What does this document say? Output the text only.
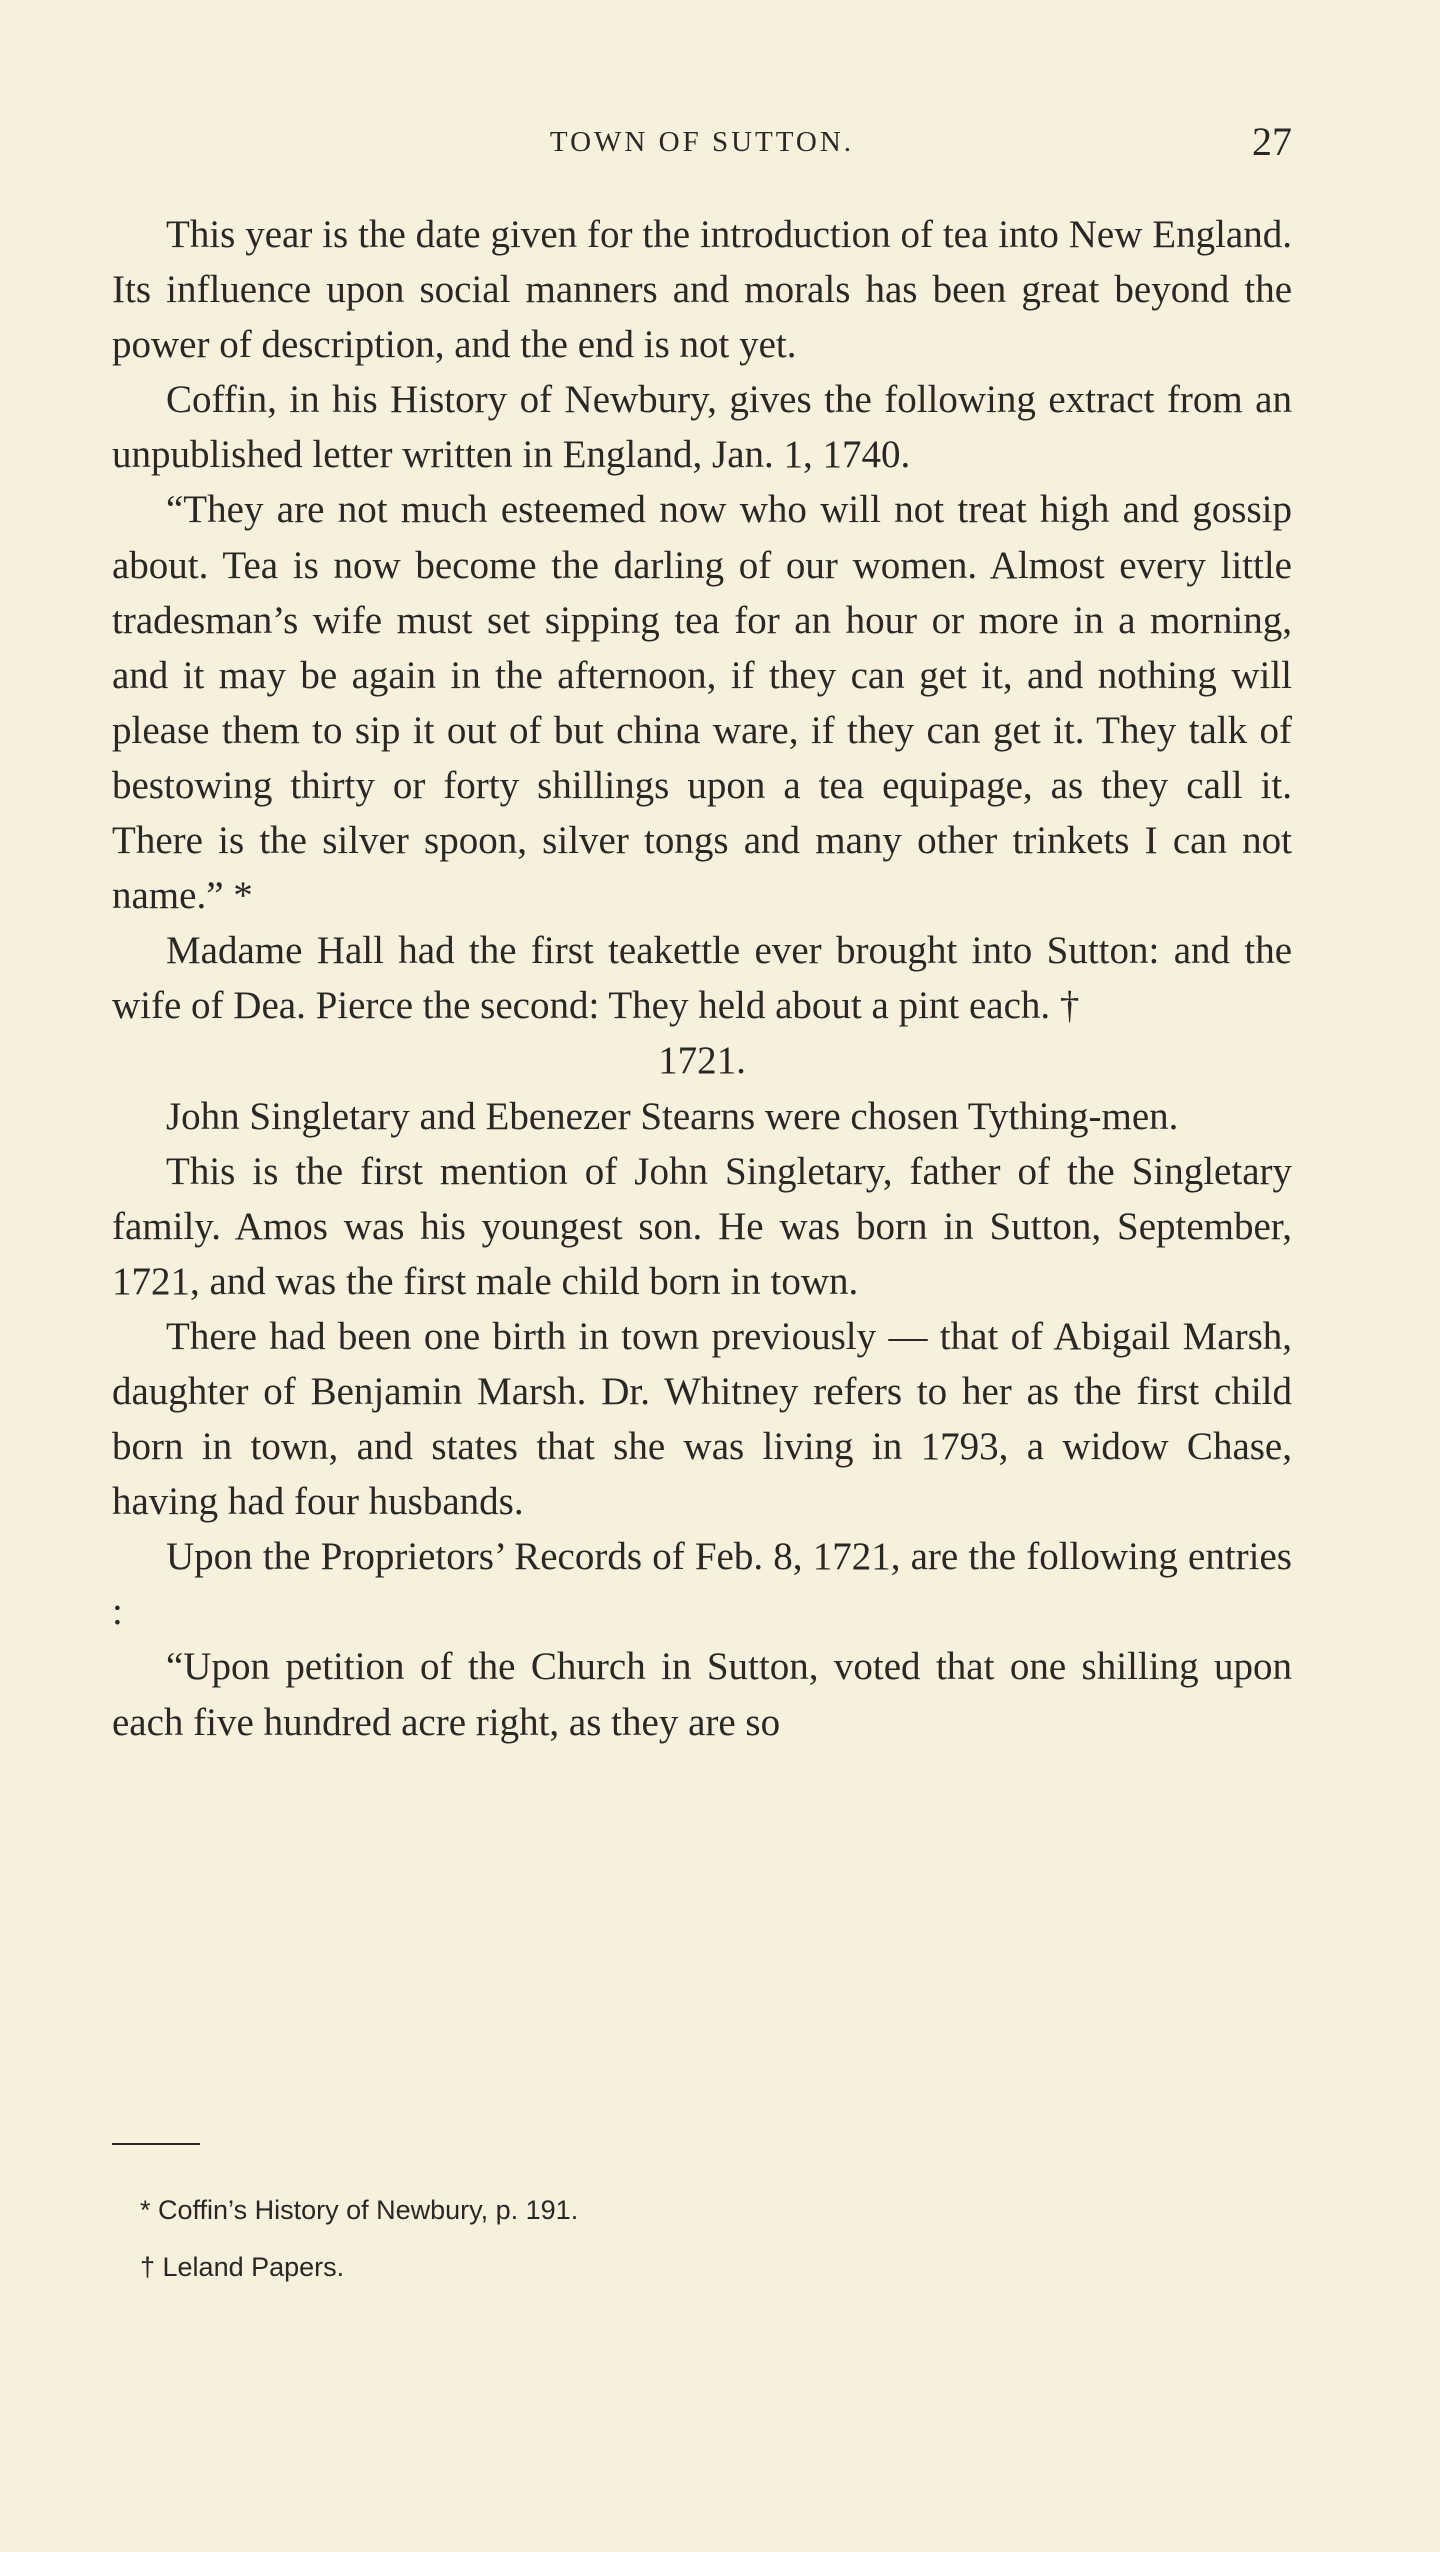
TOWN OF SUTTON.	27

This year is the date given for the introduction of tea into New England. Its influence upon social manners and morals has been great beyond the power of description, and the end is not yet.

Coffin, in his History of Newbury, gives the following extract from an unpublished letter written in England, Jan. 1, 1740.

“They are not much esteemed now who will not treat high and gossip about. Tea is now become the darling of our women. Almost every little tradesman’s wife must set sipping tea for an hour or more in a morning, and it may be again in the afternoon, if they can get it, and nothing will please them to sip it out of but china ware, if they can get it. They talk of bestowing thirty or forty shillings upon a tea equipage, as they call it. There is the silver spoon, silver tongs and many other trinkets I can not name.” *

Madame Hall had the first teakettle ever brought into Sutton: and the wife of Dea. Pierce the second: They held about a pint each. †

1721.

John Singletary and Ebenezer Stearns were chosen Tything-men.

This is the first mention of John Singletary, father of the Singletary family. Amos was his youngest son. He was born in Sutton, September, 1721, and was the first male child born in town.

There had been one birth in town previously — that of Abigail Marsh, daughter of Benjamin Marsh. Dr. Whitney refers to her as the first child born in town, and states that she was living in 1793, a widow Chase, having had four husbands.

Upon the Proprietors’ Records of Feb. 8, 1721, are the following entries :

“Upon petition of the Church in Sutton, voted that one shilling upon each five hundred acre right, as they are so

* Coffin’s History of Newbury, p. 191.
† Leland Papers.
